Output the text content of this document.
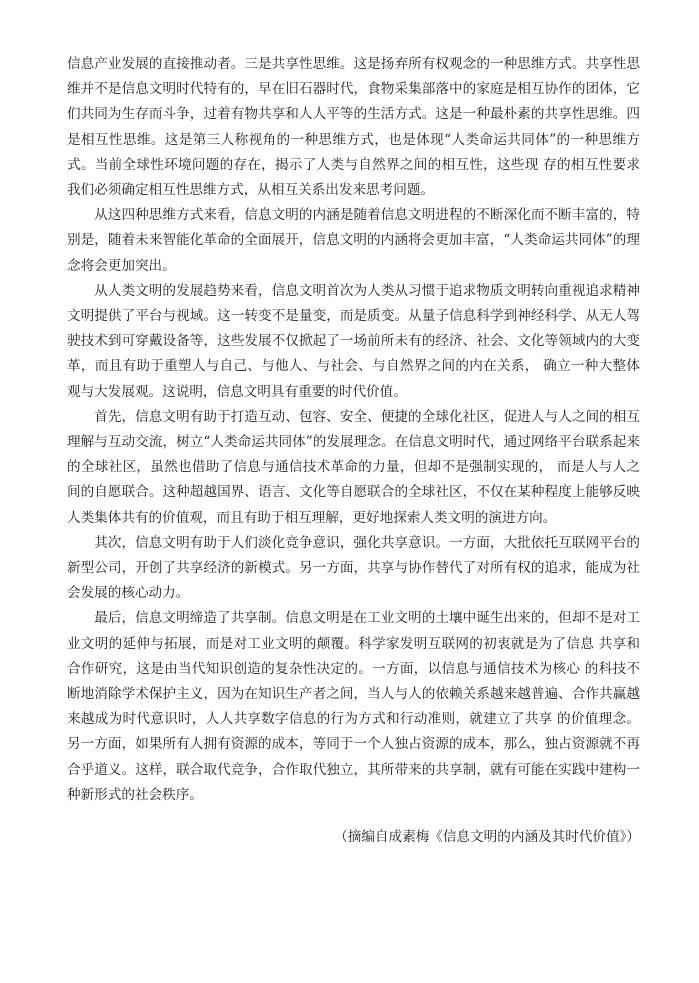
信息产业发展的直接推动者。三是共享性思维。这是扬弃所有权观念的一种思维方式。共享性思维并不是信息文明时代特有的，早在旧石器时代，食物采集部落中的家庭是相互协作的团体，它们共同为生存而斗争，过着有物共享和人人平等的生活方式。这是一种最朴素的共享性思维。四是相互性思维。这是第三人称视角的一种思维方式，也是体现“人类命运共同体”的一种思维方式。当前全球性环境问题的存在，揭示了人类与自然界之间的相互性，这些现 存的相互性要求我们必须确定相互性思维方式，从相互关系出发来思考问题。

从这四种思维方式来看，信息文明的内涵是随着信息文明进程的不断深化而不断丰富的，特别是，随着未来智能化革命的全面展开，信息文明的内涵将会更加丰富，“人类命运共同体”的理念将会更加突出。

从人类文明的发展趋势来看，信息文明首次为人类从习惯于追求物质文明转向重视追求精神文明提供了平台与视域。这一转变不是量变，而是质变。从量子信息科学到神经科学、从无人驾驶技术到可穿戴设备等，这些发展不仅掀起了一场前所未有的经济、社会、文化等领域内的大变革，而且有助于重塑人与自己、与他人、与社会、与自然界之间的内在关系， 确立一种大整体观与大发展观。这说明，信息文明具有重要的时代价值。

首先，信息文明有助于打造互动、包容、安全、便捷的全球化社区，促进人与人之间的相互理解与互动交流，树立“人类命运共同体”的发展理念。在信息文明时代，通过网络平台联系起来的全球社区，虽然也借助了信息与通信技术革命的力量，但却不是强制实现的， 而是人与人之间的自愿联合。这种超越国界、语言、文化等自愿联合的全球社区，不仅在某种程度上能够反映人类集体共有的价值观，而且有助于相互理解，更好地探索人类文明的演进方向。

其次，信息文明有助于人们淡化竞争意识，强化共享意识。一方面，大批依托互联网平台的新型公司，开创了共享经济的新模式。另一方面，共享与协作替代了对所有权的追求，能成为社会发展的核心动力。

最后，信息文明缔造了共享制。信息文明是在工业文明的土壤中诞生出来的，但却不是对工业文明的延伸与拓展，而是对工业文明的颠覆。科学家发明互联网的初衷就是为了信息 共享和合作研究，这是由当代知识创造的复杂性决定的。一方面，以信息与通信技术为核心 的科技不断地消除学术保护主义，因为在知识生产者之间，当人与人的依赖关系越来越普遍、合作共赢越来越成为时代意识时，人人共享数字信息的行为方式和行动准则，就建立了共享 的价值理念。另一方面，如果所有人拥有资源的成本，等同于一个人独占资源的成本，那么，独占资源就不再合乎道义。这样，联合取代竞争，合作取代独立，其所带来的共享制，就有可能在实践中建构一种新形式的社会秩序。

（摘编自成素梅《信息文明的内涵及其时代价值》）
